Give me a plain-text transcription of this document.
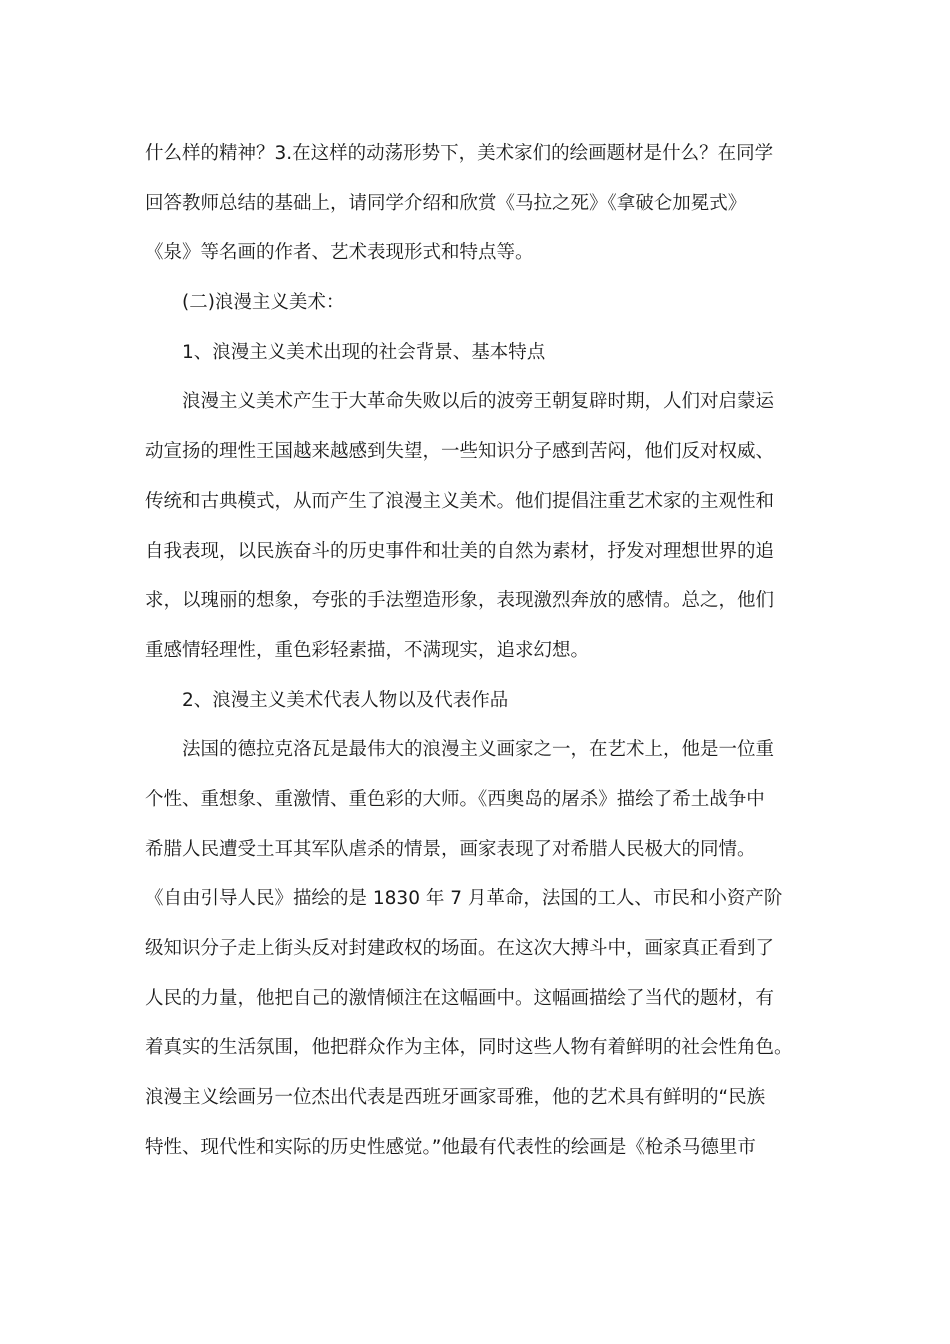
什么样的精神？3.在这样的动荡形势下，美术家们的绘画题材是什么？在同学
回答教师总结的基础上，请同学介绍和欣赏《马拉之死》《拿破仑加冕式》
《泉》等名画的作者、艺术表现形式和特点等。
(二)浪漫主义美术：
1、浪漫主义美术出现的社会背景、基本特点
浪漫主义美术产生于大革命失败以后的波旁王朝复辟时期，人们对启蒙运
动宣扬的理性王国越来越感到失望，一些知识分子感到苦闷，他们反对权威、
传统和古典模式，从而产生了浪漫主义美术。他们提倡注重艺术家的主观性和
自我表现，以民族奋斗的历史事件和壮美的自然为素材，抒发对理想世界的追
求，以瑰丽的想象，夸张的手法塑造形象，表现激烈奔放的感情。总之，他们
重感情轻理性，重色彩轻素描，不满现实，追求幻想。
2、浪漫主义美术代表人物以及代表作品
法国的德拉克洛瓦是最伟大的浪漫主义画家之一，在艺术上，他是一位重
个性、重想象、重激情、重色彩的大师。《西奥岛的屠杀》描绘了希土战争中
希腊人民遭受土耳其军队虐杀的情景，画家表现了对希腊人民极大的同情。
《自由引导人民》描绘的是 1830 年 7 月革命，法国的工人、市民和小资产阶
级知识分子走上街头反对封建政权的场面。在这次大搏斗中，画家真正看到了
人民的力量，他把自己的激情倾注在这幅画中。这幅画描绘了当代的题材，有
着真实的生活氛围，他把群众作为主体，同时这些人物有着鲜明的社会性角色。
浪漫主义绘画另一位杰出代表是西班牙画家哥雅，他的艺术具有鲜明的“民族
特性、现代性和实际的历史性感觉。”他最有代表性的绘画是《枪杀马德里市
